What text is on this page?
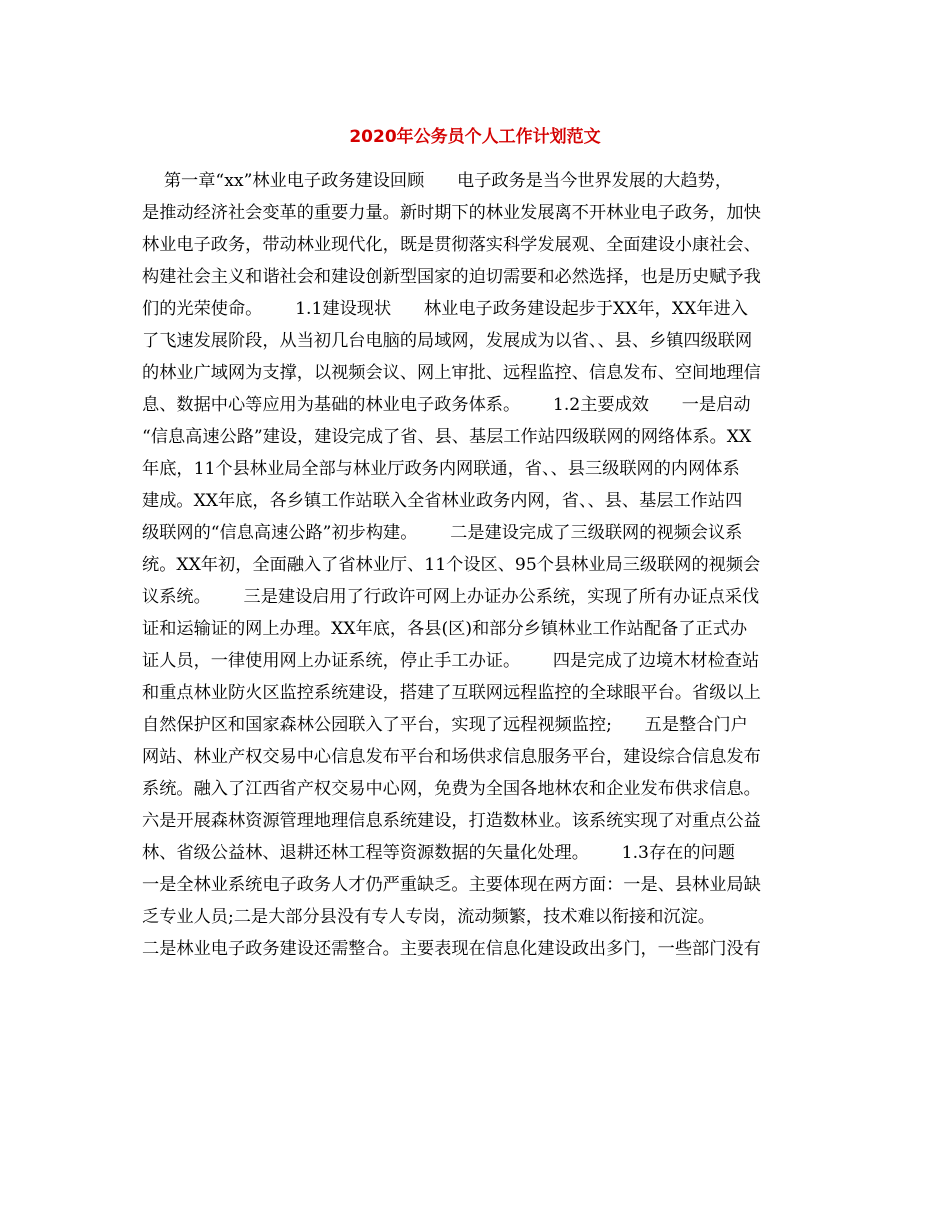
2020年公务员个人工作计划范文
第一章“xx”林业电子政务建设回顾      电子政务是当今世界发展的大趋势，
是推动经济社会变革的重要力量。新时期下的林业发展离不开林业电子政务，加快
林业电子政务，带动林业现代化，既是贯彻落实科学发展观、全面建设小康社会、
构建社会主义和谐社会和建设创新型国家的迫切需要和必然选择，也是历史赋予我
们的光荣使命。      1.1建设现状      林业电子政务建设起步于XX年，XX年进入
了飞速发展阶段，从当初几台电脑的局域网，发展成为以省、、县、乡镇四级联网
的林业广域网为支撑，以视频会议、网上审批、远程监控、信息发布、空间地理信
息、数据中心等应用为基础的林业电子政务体系。      1.2主要成效      一是启动
“信息高速公路”建设，建设完成了省、县、基层工作站四级联网的网络体系。XX
年底，11个县林业局全部与林业厅政务内网联通，省、、县三级联网的内网体系
建成。XX年底，各乡镇工作站联入全省林业政务内网，省、、县、基层工作站四
级联网的“信息高速公路”初步构建。      二是建设完成了三级联网的视频会议系
统。XX年初，全面融入了省林业厅、11个设区、95个县林业局三级联网的视频会
议系统。      三是建设启用了行政许可网上办证办公系统，实现了所有办证点采伐
证和运输证的网上办理。XX年底，各县(区)和部分乡镇林业工作站配备了正式办
证人员，一律使用网上办证系统，停止手工办证。      四是完成了边境木材检查站
和重点林业防火区监控系统建设，搭建了互联网远程监控的全球眼平台。省级以上
自然保护区和国家森林公园联入了平台，实现了远程视频监控;      五是整合门户
网站、林业产权交易中心信息发布平台和场供求信息服务平台，建设综合信息发布
系统。融入了江西省产权交易中心网，免费为全国各地林农和企业发布供求信息。
六是开展森林资源管理地理信息系统建设，打造数林业。该系统实现了对重点公益
林、省级公益林、退耕还林工程等资源数据的矢量化处理。      1.3存在的问题
一是全林业系统电子政务人才仍严重缺乏。主要体现在两方面：一是、县林业局缺
乏专业人员;二是大部分县没有专人专岗，流动频繁，技术难以衔接和沉淀。
二是林业电子政务建设还需整合。主要表现在信息化建设政出多门，一些部门没有
